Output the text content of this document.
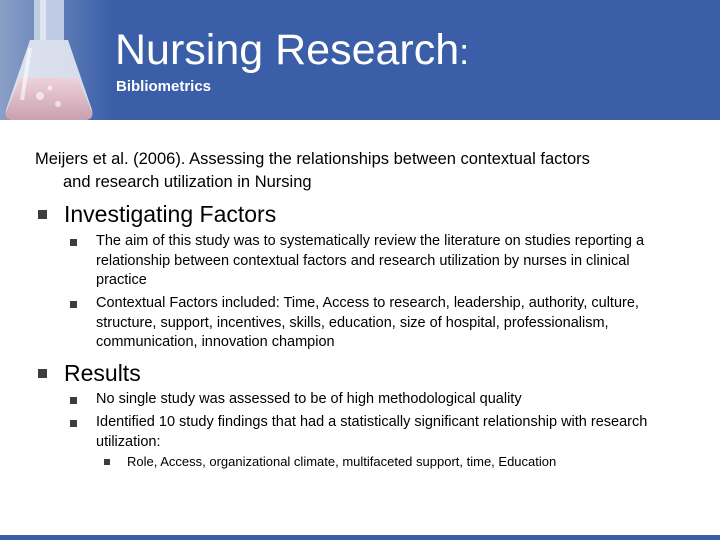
Nursing Research:
Bibliometrics
Meijers et al. (2006). Assessing the relationships between contextual factors
and research utilization in Nursing
Investigating Factors
The aim of this study was to systematically review the literature on studies reporting a relationship between contextual factors and research utilization by nurses in clinical practice
Contextual Factors included: Time, Access to research, leadership, authority, culture, structure, support, incentives, skills, education, size of hospital, professionalism, communication, innovation champion
Results
No single study was assessed to be of high methodological quality
Identified 10 study findings that had a statistically significant relationship with research utilization:
Role, Access, organizational climate, multifaceted support, time, Education
